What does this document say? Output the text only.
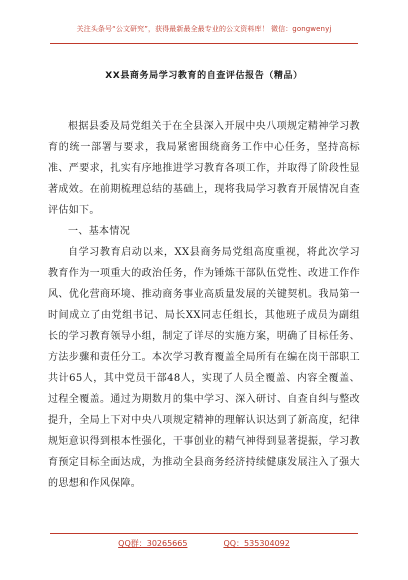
关注头条号“公文研究”，获得最新最全最专业的公文资料库！ 微信：gongwenyj
XX县商务局学习教育的自查评估报告（精品）

根据县委及局党组关于在全县深入开展中央八项规定精神学习教育的统一部署与要求，我局紧密围绕商务工作中心任务，坚持高标准、严要求，扎实有序地推进学习教育各项工作，并取得了阶段性显著成效。在前期梳理总结的基础上，现将我局学习教育开展情况自查评估如下。

一、基本情况

自学习教育启动以来，XX县商务局党组高度重视，将此次学习教育作为一项重大的政治任务，作为锤炼干部队伍党性、改进工作作风、优化营商环境、推动商务事业高质量发展的关键契机。我局第一时间成立了由党组书记、局长XX同志任组长，其他班子成员为副组长的学习教育领导小组，制定了详尽的实施方案，明确了目标任务、方法步骤和责任分工。本次学习教育覆盖全局所有在编在岗干部职工共计65人，其中党员干部48人，实现了人员全覆盖、内容全覆盖、过程全覆盖。通过为期数月的集中学习、深入研讨、自查自纠与整改提升，全局上下对中央八项规定精神的理解认识达到了新高度，纪律规矩意识得到根本性强化，干事创业的精气神得到显著提振，学习教育预定目标全面达成，为推动全县商务经济持续健康发展注入了强大的思想和作风保障。

QQ群：30265665	QQ：535304092
